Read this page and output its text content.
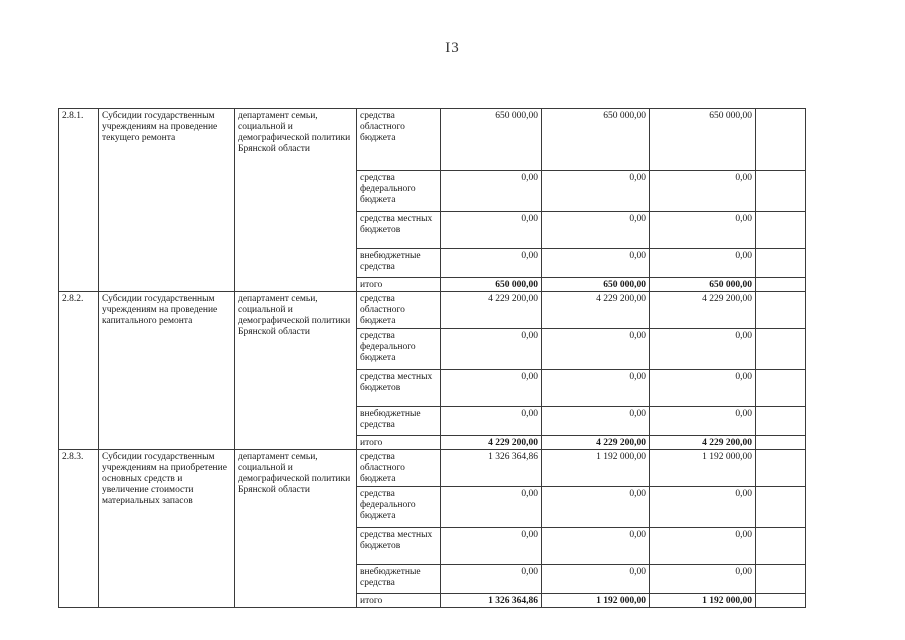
I3
2.8.1.	Субсидии государственным учреждениям на проведение текущего ремонта	департамент семьи, социальной и демографической политики Брянской области	средства областного бюджета	650 000,00	650 000,00	650 000,00	
			средства федерального бюджета	0,00	0,00	0,00	
			средства местных бюджетов	0,00	0,00	0,00	
			внебюджетные средства	0,00	0,00	0,00	
			итого	650 000,00	650 000,00	650 000,00	
2.8.2.	Субсидии государственным учреждениям на проведение капитального ремонта	департамент семьи, социальной и демографической политики Брянской области	средства областного бюджета	4 229 200,00	4 229 200,00	4 229 200,00	
			средства федерального бюджета	0,00	0,00	0,00	
			средства местных бюджетов	0,00	0,00	0,00	
			внебюджетные средства	0,00	0,00	0,00	
			итого	4 229 200,00	4 229 200,00	4 229 200,00	
2.8.3.	Субсидии государственным учреждениям на приобретение основных средств и увеличение стоимости материальных запасов	департамент семьи, социальной и демографической политики Брянской области	средства областного бюджета	1 326 364,86	1 192 000,00	1 192 000,00	
			средства федерального бюджета	0,00	0,00	0,00	
			средства местных бюджетов	0,00	0,00	0,00	
			внебюджетные средства	0,00	0,00	0,00	
			итого	1 326 364,86	1 192 000,00	1 192 000,00	
